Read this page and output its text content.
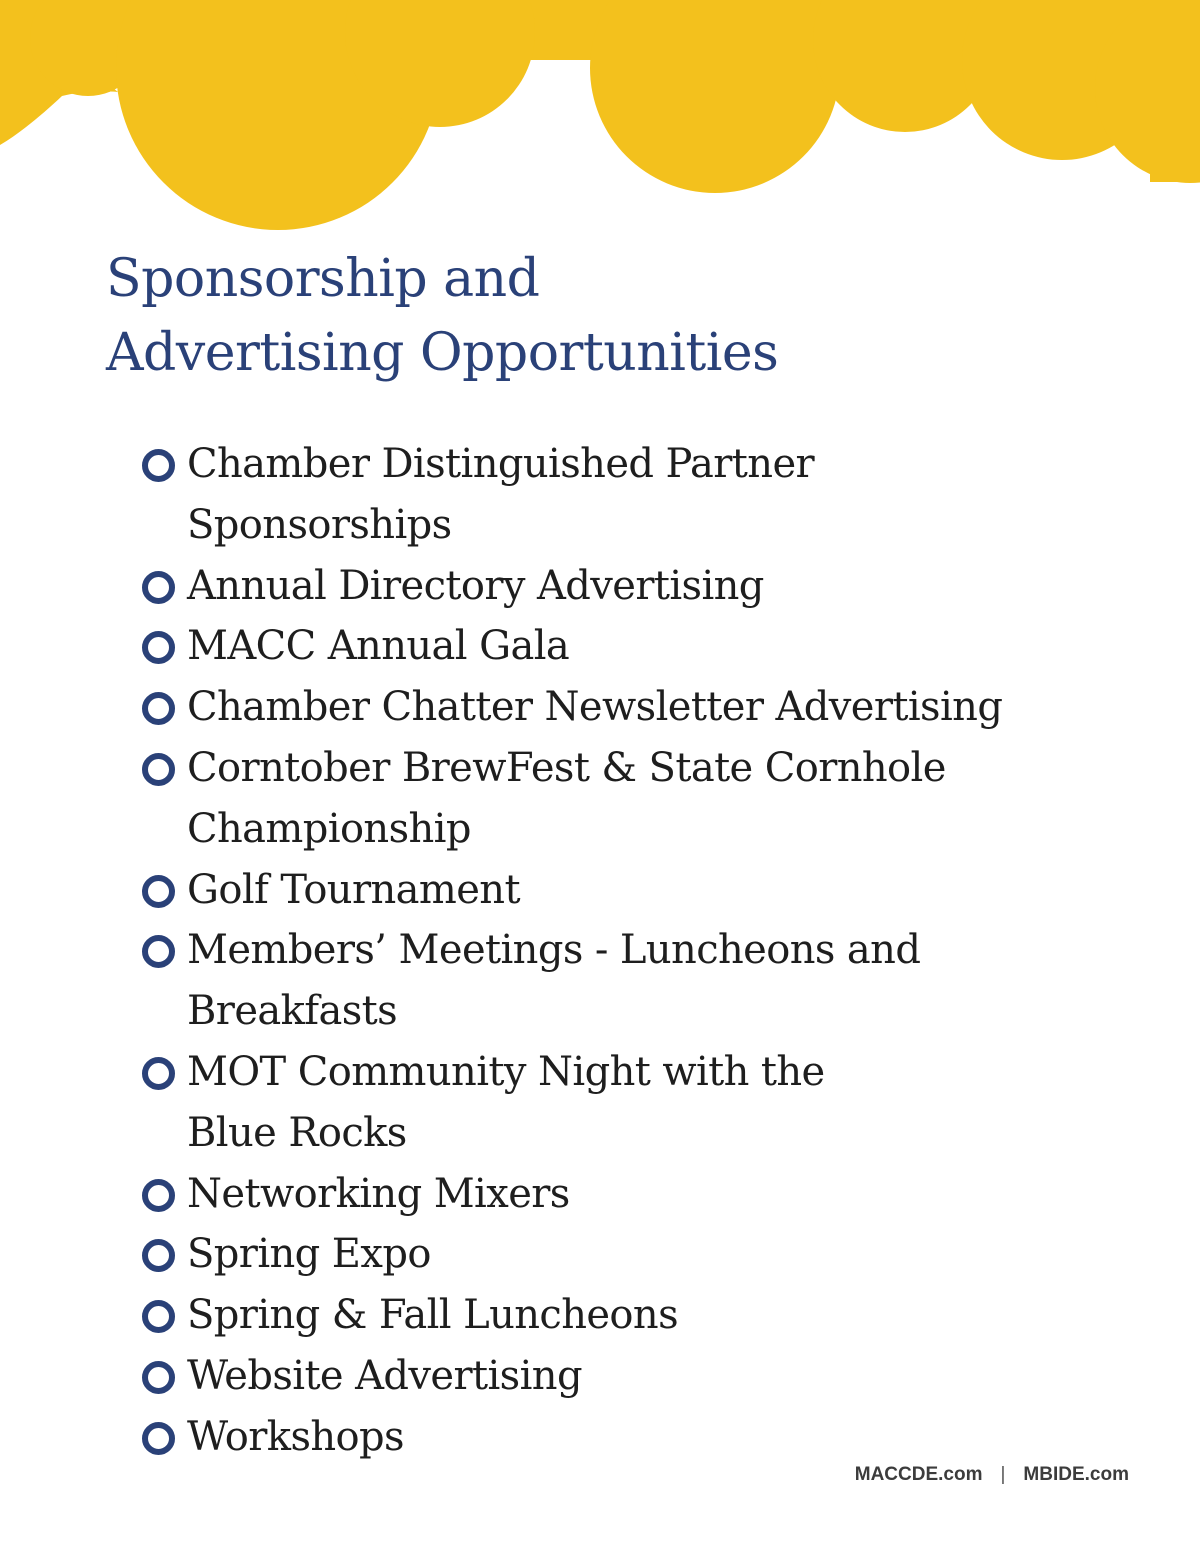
Sponsorship and
Advertising Opportunities
Chamber Distinguished Partner
Sponsorships
Annual Directory Advertising
MACC Annual Gala
Chamber Chatter Newsletter Advertising
Corntober BrewFest & State Cornhole
Championship
Golf Tournament
Members’ Meetings - Luncheons and
Breakfasts
MOT Community Night with the
Blue Rocks
Networking Mixers
Spring Expo
Spring & Fall Luncheons
Website Advertising
Workshops
MACCDE.com | MBIDE.com
